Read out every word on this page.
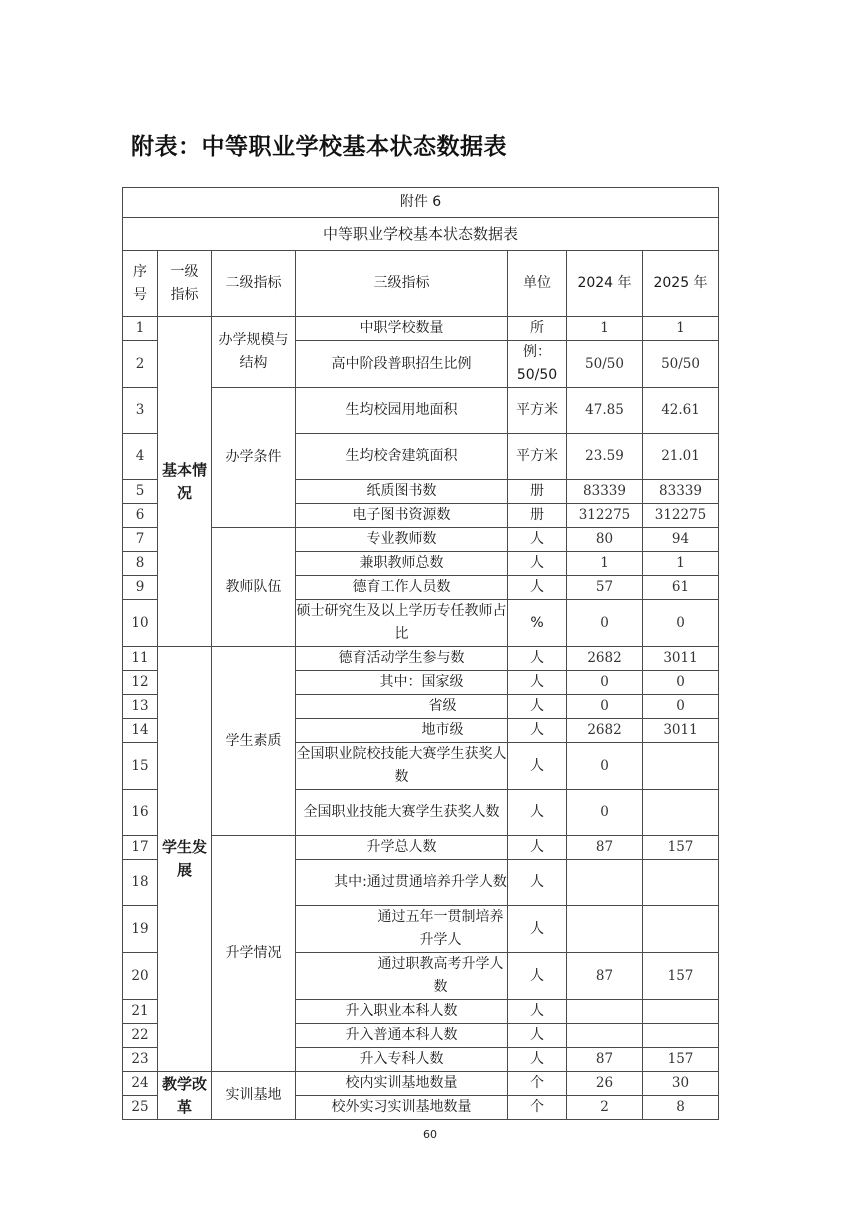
附表：中等职业学校基本状态数据表
附件 6						
中等职业学校基本状态数据表						
序号	一级指标	二级指标	三级指标	单位	2024 年	2025 年
1	基本情况	办学规模与结构	中职学校数量	所	1	1
2			高中阶段普职招生比例	例：50/50	50/50	50/50
3		办学条件	生均校园用地面积	平方米	47.85	42.61
4			生均校舍建筑面积	平方米	23.59	21.01
5			纸质图书数	册	83339	83339
6			电子图书资源数	册	312275	312275
7		教师队伍	专业教师数	人	80	94
8			兼职教师总数	人	1	1
9			德育工作人员数	人	57	61
10			硕士研究生及以上学历专任教师占比	%	0	0
11	学生发展	学生素质	德育活动学生参与数	人	2682	3011
12			其中：国家级	人	0	0
13			省级	人	0	0
14			地市级	人	2682	3011
15			全国职业院校技能大赛学生获奖人数	人	0	
16			全国职业技能大赛学生获奖人数	人	0	
17		升学情况	升学总人数	人	87	157
18			其中:通过贯通培养升学人数	人		
19			通过五年一贯制培养升学人	人		
20			通过职教高考升学人数	人	87	157
21			升入职业本科人数	人		
22			升入普通本科人数	人		
23			升入专科人数	人	87	157
24	教学改革	实训基地	校内实训基地数量	个	26	30
25			校外实习实训基地数量	个	2	8
60
